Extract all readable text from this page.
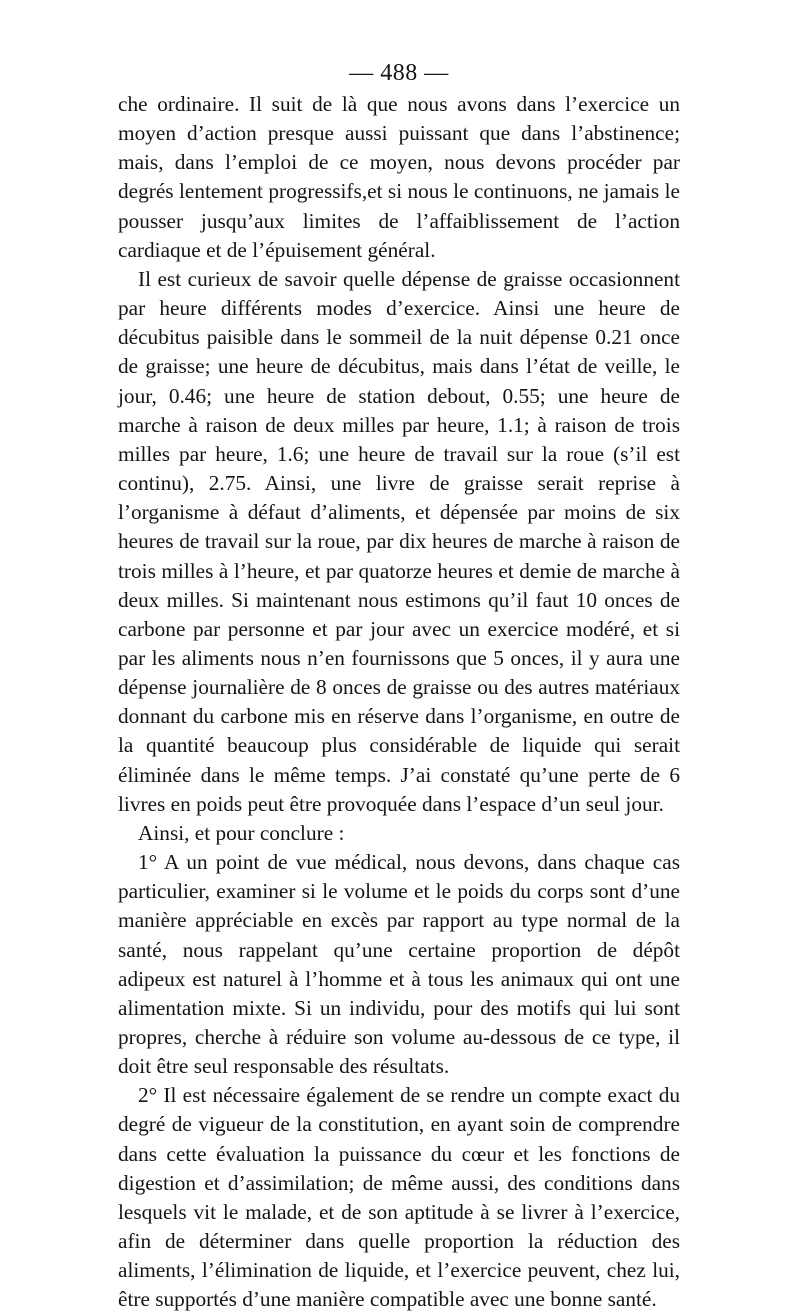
— 488 —

che ordinaire. Il suit de là que nous avons dans l’exercice un moyen d’action presque aussi puissant que dans l’abstinence; mais, dans l’emploi de ce moyen, nous devons procéder par degrés lentement progressifs,et si nous le continuons, ne jamais le pousser jusqu’aux limites de l’affaiblissement de l’action cardiaque et de l’épuisement général.

Il est curieux de savoir quelle dépense de graisse occasionnent par heure différents modes d’exercice. Ainsi une heure de décubitus paisible dans le sommeil de la nuit dépense 0.21 once de graisse; une heure de décubitus, mais dans l’état de veille, le jour, 0.46; une heure de station debout, 0.55; une heure de marche à raison de deux milles par heure, 1.1; à raison de trois milles par heure, 1.6; une heure de travail sur la roue (s’il est continu), 2.75. Ainsi, une livre de graisse serait reprise à l’organisme à défaut d’aliments, et dépensée par moins de six heures de travail sur la roue, par dix heures de marche à raison de trois milles à l’heure, et par quatorze heures et demie de marche à deux milles. Si maintenant nous estimons qu’il faut 10 onces de carbone par personne et par jour avec un exercice modéré, et si par les aliments nous n’en fournissons que 5 onces, il y aura une dépense journalière de 8 onces de graisse ou des autres matériaux donnant du carbone mis en réserve dans l’organisme, en outre de la quantité beaucoup plus considérable de liquide qui serait éliminée dans le même temps. J’ai constaté qu’une perte de 6 livres en poids peut être provoquée dans l’espace d’un seul jour.

Ainsi, et pour conclure :

1° A un point de vue médical, nous devons, dans chaque cas particulier, examiner si le volume et le poids du corps sont d’une manière appréciable en excès par rapport au type normal de la santé, nous rappelant qu’une certaine proportion de dépôt adipeux est naturel à l’homme et à tous les animaux qui ont une alimentation mixte. Si un individu, pour des motifs qui lui sont propres, cherche à réduire son volume au-dessous de ce type, il doit être seul responsable des résultats.

2° Il est nécessaire également de se rendre un compte exact du degré de vigueur de la constitution, en ayant soin de comprendre dans cette évaluation la puissance du cœur et les fonctions de digestion et d’assimilation; de même aussi, des conditions dans lesquels vit le malade, et de son aptitude à se livrer à l’exercice, afin de déterminer dans quelle proportion la réduction des aliments, l’élimination de liquide, et l’exercice peuvent, chez lui, être supportés d’une manière compatible avec une bonne santé.
